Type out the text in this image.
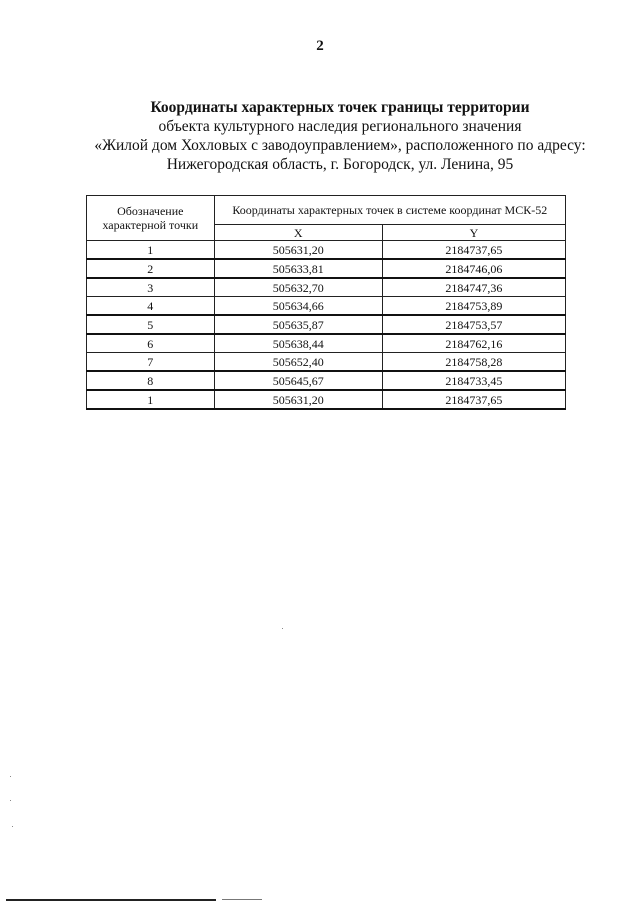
2
Координаты характерных точек границы территории
объекта культурного наследия регионального значения
«Жилой дом Хохловых с заводоуправлением», расположенного по адресу:
Нижегородская область, г. Богородск, ул. Ленина, 95
Обозначение характерной точки	Координаты характерных точек в системе координат МСК-52	
	X	Y
1	505631,20	2184737,65
2	505633,81	2184746,06
3	505632,70	2184747,36
4	505634,66	2184753,89
5	505635,87	2184753,57
6	505638,44	2184762,16
7	505652,40	2184758,28
8	505645,67	2184733,45
1	505631,20	2184737,65
